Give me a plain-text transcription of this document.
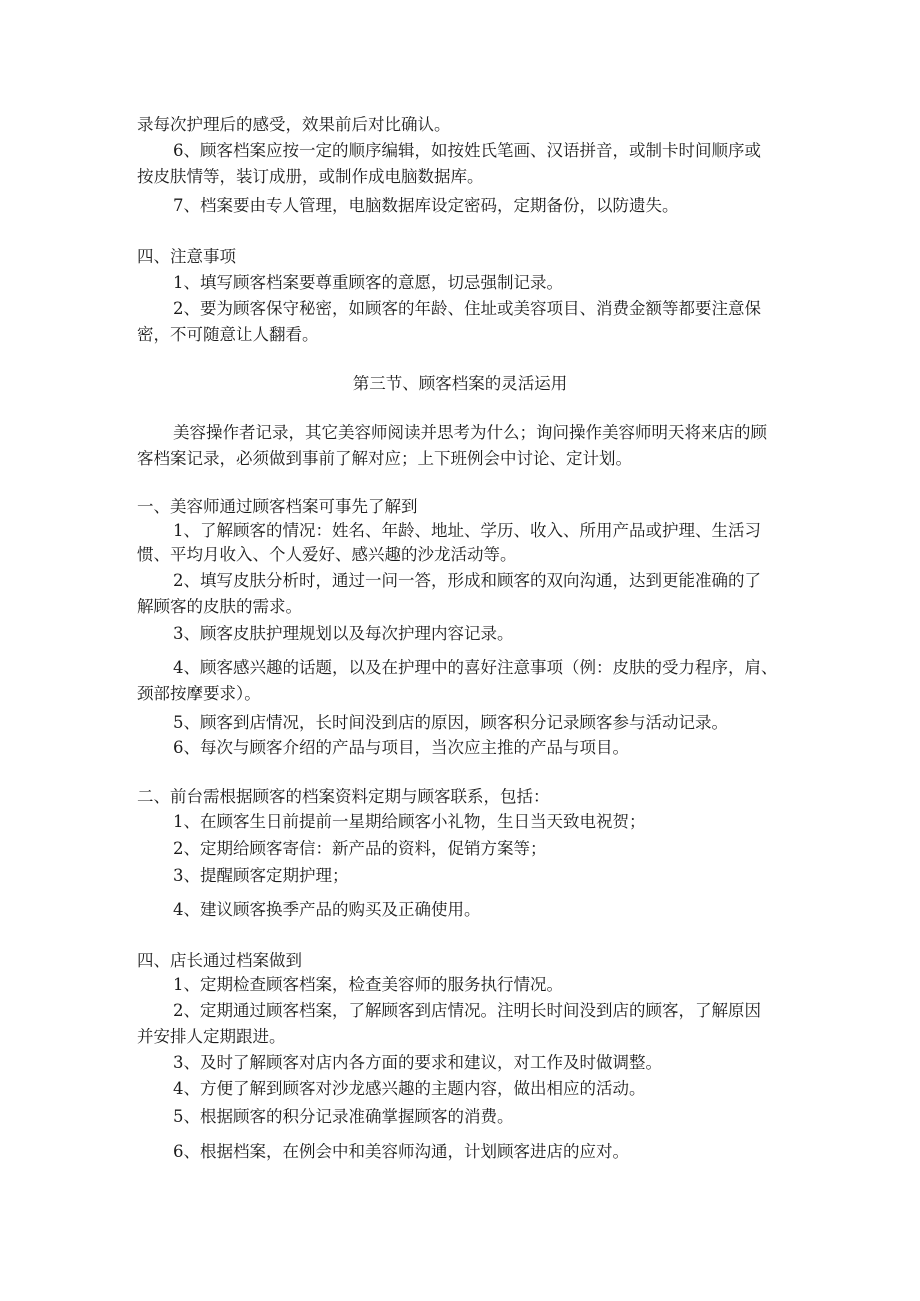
录每次护理后的感受，效果前后对比确认。

6、顾客档案应按一定的顺序编辑，如按姓氏笔画、汉语拼音，或制卡时间顺序或

按皮肤情等，装订成册，或制作成电脑数据库。

7、档案要由专人管理，电脑数据库设定密码，定期备份，以防遗失。

四、注意事项

1、填写顾客档案要尊重顾客的意愿，切忌强制记录。

2、要为顾客保守秘密，如顾客的年龄、住址或美容项目、消费金额等都要注意保

密，不可随意让人翻看。

第三节、顾客档案的灵活运用

美容操作者记录，其它美容师阅读并思考为什么；询问操作美容师明天将来店的顾

客档案记录，必须做到事前了解对应；上下班例会中讨论、定计划。

一、美容师通过顾客档案可事先了解到

1、了解顾客的情况：姓名、年龄、地址、学历、收入、所用产品或护理、生活习

惯、平均月收入、个人爱好、感兴趣的沙龙活动等。

2、填写皮肤分析时，通过一问一答，形成和顾客的双向沟通，达到更能准确的了

解顾客的皮肤的需求。

3、顾客皮肤护理规划以及每次护理内容记录。

4、顾客感兴趣的话题，以及在护理中的喜好注意事项（例：皮肤的受力程序，肩、

颈部按摩要求）。

5、顾客到店情况，长时间没到店的原因，顾客积分记录顾客参与活动记录。

6、每次与顾客介绍的产品与项目，当次应主推的产品与项目。

二、前台需根据顾客的档案资料定期与顾客联系，包括：

1、在顾客生日前提前一星期给顾客小礼物，生日当天致电祝贺；

2、定期给顾客寄信：新产品的资料，促销方案等；

3、提醒顾客定期护理；

4、建议顾客换季产品的购买及正确使用。

四、店长通过档案做到

1、定期检查顾客档案，检查美容师的服务执行情况。

2、定期通过顾客档案，了解顾客到店情况。注明长时间没到店的顾客，了解原因

并安排人定期跟进。

3、及时了解顾客对店内各方面的要求和建议，对工作及时做调整。

4、方便了解到顾客对沙龙感兴趣的主题内容，做出相应的活动。

5、根据顾客的积分记录准确掌握顾客的消费。

6、根据档案，在例会中和美容师沟通，计划顾客进店的应对。
